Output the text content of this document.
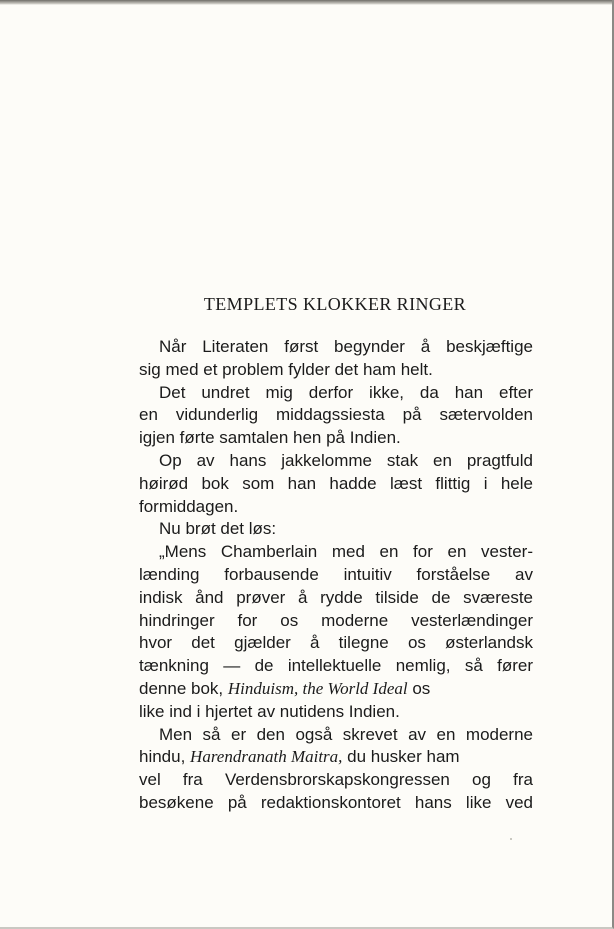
TEMPLETS KLOKKER RINGER
Når Literaten først begynder å beskjæftige
sig med et problem fylder det ham helt.
Det undret mig derfor ikke, da han efter
en vidunderlig middagssiesta på sætervolden
igjen førte samtalen hen på Indien.
Op av hans jakkelomme stak en pragtfuld
høirød bok som han hadde læst flittig i hele
formiddagen.
Nu brøt det løs:
„Mens Chamberlain med en for en vester-
lænding forbausende intuitiv forståelse av
indisk ånd prøver å rydde tilside de sværeste
hindringer for os moderne vesterlændinger
hvor det gjælder å tilegne os østerlandsk
tænkning — de intellektuelle nemlig, så fører
denne bok, Hinduism, the World Ideal os
like ind i hjertet av nutidens Indien.
Men så er den også skrevet av en moderne
hindu, Harendranath Maitra, du husker ham
vel fra Verdensbrorskapskongressen og fra
besøkene på redaktionskontoret hans like ved
